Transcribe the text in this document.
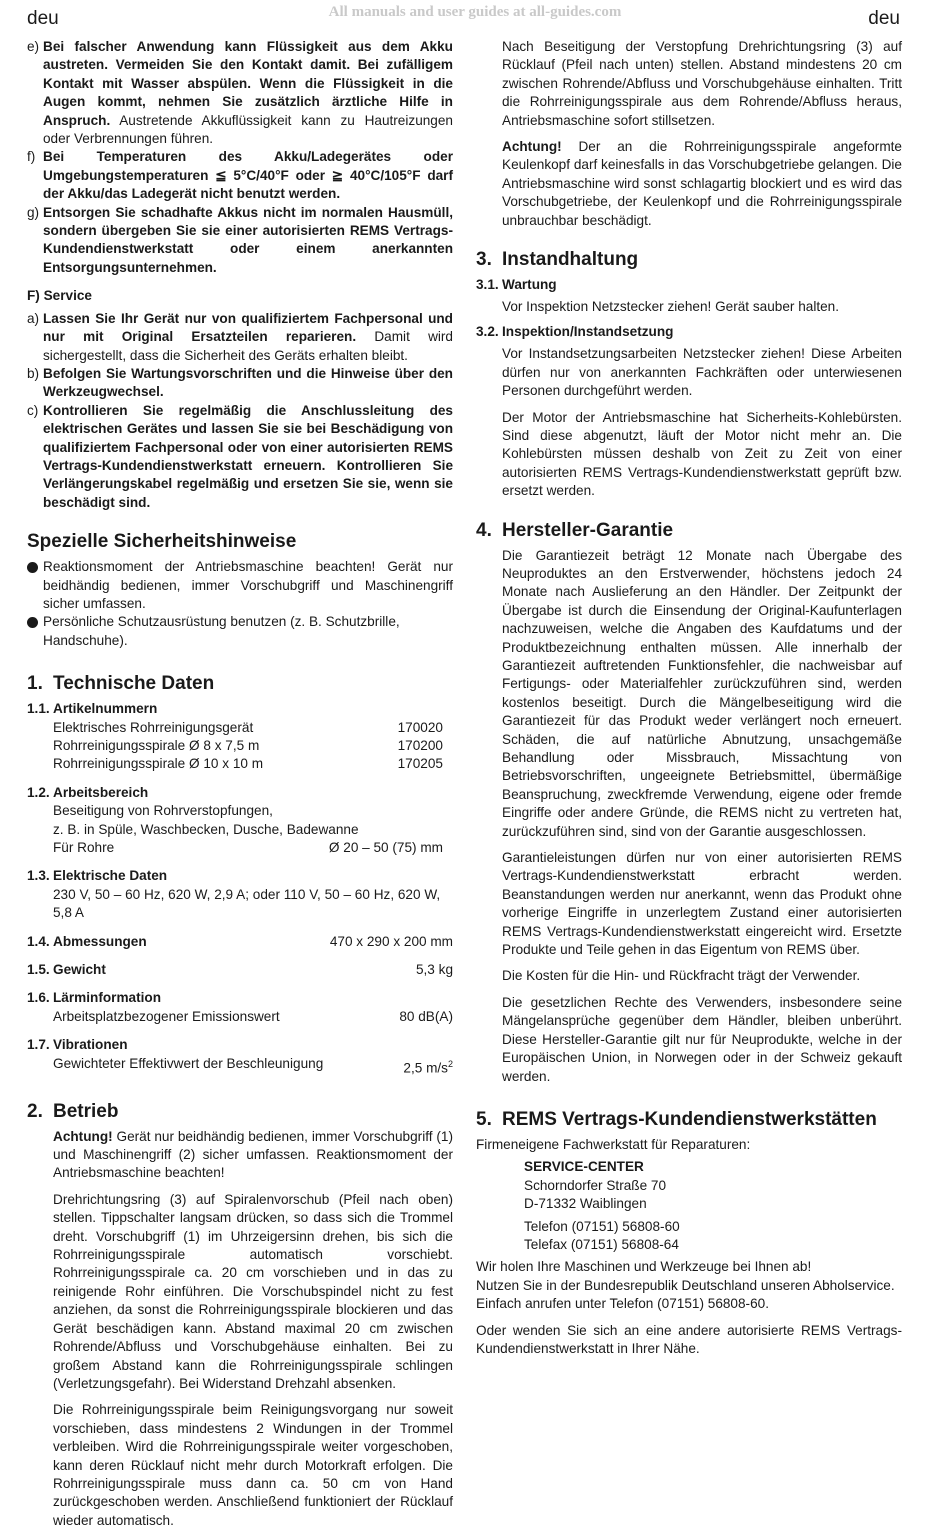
deu	All manuals and user guides at all-guides.com	deu
e) Bei falscher Anwendung kann Flüssigkeit aus dem Akku austreten. Vermeiden Sie den Kontakt damit. Bei zufälligem Kontakt mit Wasser abspülen. Wenn die Flüssigkeit in die Augen kommt, nehmen Sie zusätzlich ärztliche Hilfe in Anspruch. Austretende Akkuflüssigkeit kann zu Hautreizungen oder Verbrennungen führen.
f) Bei Temperaturen des Akku/Ladegerätes oder Umgebungstemperaturen ≦ 5°C/40°F oder ≧ 40°C/105°F darf der Akku/das Ladegerät nicht benutzt werden.
g) Entsorgen Sie schadhafte Akkus nicht im normalen Hausmüll, sondern übergeben Sie sie einer autorisierten REMS Vertrags-Kundendienstwerkstatt oder einem anerkannten Entsorgungsunternehmen.

F) Service

a) Lassen Sie Ihr Gerät nur von qualifiziertem Fachpersonal und nur mit Original Ersatzteilen reparieren. Damit wird sichergestellt, dass die Sicherheit des Geräts erhalten bleibt.
b) Befolgen Sie Wartungsvorschriften und die Hinweise über den Werkzeugwechsel.
c) Kontrollieren Sie regelmäßig die Anschlussleitung des elektrischen Gerätes und lassen Sie sie bei Beschädigung von qualifiziertem Fachpersonal oder von einer autorisierten REMS Vertrags-Kundendienstwerkstatt erneuern. Kontrollieren Sie Verlängerungskabel regelmäßig und ersetzen Sie sie, wenn sie beschädigt sind.
Spezielle Sicherheitshinweise
Reaktionsmoment der Antriebsmaschine beachten! Gerät nur beidhändig bedienen, immer Vorschubgriff und Maschinengriff sicher umfassen.
Persönliche Schutzausrüstung benutzen (z. B. Schutzbrille, Handschuhe).
1. Technische Daten
1.1. Artikelnummern
Elektrisches Rohrreinigungsgerät	170020
Rohrreinigungsspirale Ø 8 x 7,5 m	170200
Rohrreinigungsspirale Ø 10 x 10 m	170205
1.2. Arbeitsbereich

Beseitigung von Rohrverstopfungen,

z. B. in Spüle, Waschbecken, Dusche, Badewanne

Für Rohre	Ø 20 – 50 (75) mm
1.3. Elektrische Daten

230 V, 50 – 60 Hz, 620 W, 2,9 A; oder 110 V, 50 – 60 Hz, 620 W, 5,8 A

1.4. Abmessungen	470 x 290 x 200 mm
1.5. Gewicht	5,3 kg
1.6. Lärminformation
Arbeitsplatzbezogener Emissionswert	80 dB(A)
1.7. Vibrationen
Gewichteter Effektivwert der Beschleunigung	2,5 $m/s^2$
2. Betrieb

Achtung! Gerät nur beidhändig bedienen, immer Vorschubgriff (1) und Maschinengriff (2) sicher umfassen. Reaktionsmoment der Antriebsmaschine beachten!

Drehrichtungsring (3) auf Spiralenvorschub (Pfeil nach oben) stellen. Tippschalter langsam drücken, so dass sich die Trommel dreht. Vorschubgriff (1) im Uhrzeigersinn drehen, bis sich die Rohrreinigungsspirale automatisch vorschiebt. Rohrreinigungsspirale ca. 20 cm vorschieben und in das zu reinigende Rohr einführen. Die Vorschubspindel nicht zu fest anziehen, da sonst die Rohrreinigungsspirale blockieren und das Gerät beschädigen kann. Abstand maximal 20 cm zwischen Rohrende/Abfluss und Vorschubgehäuse einhalten. Bei zu großem Abstand kann die Rohrreinigungsspirale schlingen (Verletzungsgefahr). Bei Widerstand Drehzahl absenken.

Die Rohrreinigungsspirale beim Reinigungsvorgang nur soweit vorschieben, dass mindestens 2 Windungen in der Trommel verbleiben. Wird die Rohrreinigungsspirale weiter vorgeschoben, kann deren Rücklauf nicht mehr durch Motorkraft erfolgen. Die Rohrreinigungsspirale muss dann ca. 50 cm von Hand zurückgeschoben werden. Anschließend funktioniert der Rücklauf wieder automatisch.

Nach Beseitigung der Verstopfung Drehrichtungsring (3) auf Rücklauf (Pfeil nach unten) stellen. Abstand mindestens 20 cm zwischen Rohrende/Abfluss und Vorschubgehäuse einhalten. Tritt die Rohrreinigungsspirale aus dem Rohrende/Abfluss heraus, Antriebsmaschine sofort stillsetzen.

Achtung! Der an die Rohrreinigungsspirale angeformte Keulenkopf darf keinesfalls in das Vorschubgetriebe gelangen. Die Antriebsmaschine wird sonst schlagartig blockiert und es wird das Vorschubgetriebe, der Keulenkopf und die Rohrreinigungsspirale unbrauchbar beschädigt.

3. Instandhaltung
3.1. Wartung

Vor Inspektion Netzstecker ziehen! Gerät sauber halten.

3.2. Inspektion/Instandsetzung

Vor Instandsetzungsarbeiten Netzstecker ziehen! Diese Arbeiten dürfen nur von anerkannten Fachkräften oder unterwiesenen Personen durchgeführt werden.

Der Motor der Antriebsmaschine hat Sicherheits-Kohlebürsten. Sind diese abgenutzt, läuft der Motor nicht mehr an. Die Kohlebürsten müssen deshalb von Zeit zu Zeit von einer autorisierten REMS Vertrags-Kundendienstwerkstatt geprüft bzw. ersetzt werden.

4. Hersteller-Garantie

Die Garantiezeit beträgt 12 Monate nach Übergabe des Neuproduktes an den Erstverwender, höchstens jedoch 24 Monate nach Auslieferung an den Händler. Der Zeitpunkt der Übergabe ist durch die Einsendung der Original-Kaufunterlagen nachzuweisen, welche die Angaben des Kaufdatums und der Produktbezeichnung enthalten müssen. Alle innerhalb der Garantiezeit auftretenden Funktionsfehler, die nachweisbar auf Fertigungs- oder Materialfehler zurückzuführen sind, werden kostenlos beseitigt. Durch die Mängelbeseitigung wird die Garantiezeit für das Produkt weder verlängert noch erneuert. Schäden, die auf natürliche Abnutzung, unsachgemäße Behandlung oder Missbrauch, Missachtung von Betriebsvorschriften, ungeeignete Betriebsmittel, übermäßige Beanspruchung, zweckfremde Verwendung, eigene oder fremde Eingriffe oder andere Gründe, die REMS nicht zu vertreten hat, zurückzuführen sind, sind von der Garantie ausgeschlossen.

Garantieleistungen dürfen nur von einer autorisierten REMS Vertrags-Kundendienstwerkstatt erbracht werden. Beanstandungen werden nur anerkannt, wenn das Produkt ohne vorherige Eingriffe in unzerlegtem Zustand einer autorisierten REMS Vertrags-Kundendienstwerkstatt eingereicht wird. Ersetzte Produkte und Teile gehen in das Eigentum von REMS über.

Die Kosten für die Hin- und Rückfracht trägt der Verwender.

Die gesetzlichen Rechte des Verwenders, insbesondere seine Mängelansprüche gegenüber dem Händler, bleiben unberührt. Diese Hersteller-Garantie gilt nur für Neuprodukte, welche in der Europäischen Union, in Norwegen oder in der Schweiz gekauft werden.

5. REMS Vertrags-Kundendienstwerkstätten

Firmeneigene Fachwerkstatt für Reparaturen:

SERVICE-CENTER

Schorndorfer Straße 70

D-71332 Waiblingen

Telefon (07151) 56808-60

Telefax (07151) 56808-64

Wir holen Ihre Maschinen und Werkzeuge bei Ihnen ab!

Nutzen Sie in der Bundesrepublik Deutschland unseren Abholservice.

Einfach anrufen unter Telefon (07151) 56808-60.

Oder wenden Sie sich an eine andere autorisierte REMS Vertrags-Kundendienstwerkstatt in Ihrer Nähe.
